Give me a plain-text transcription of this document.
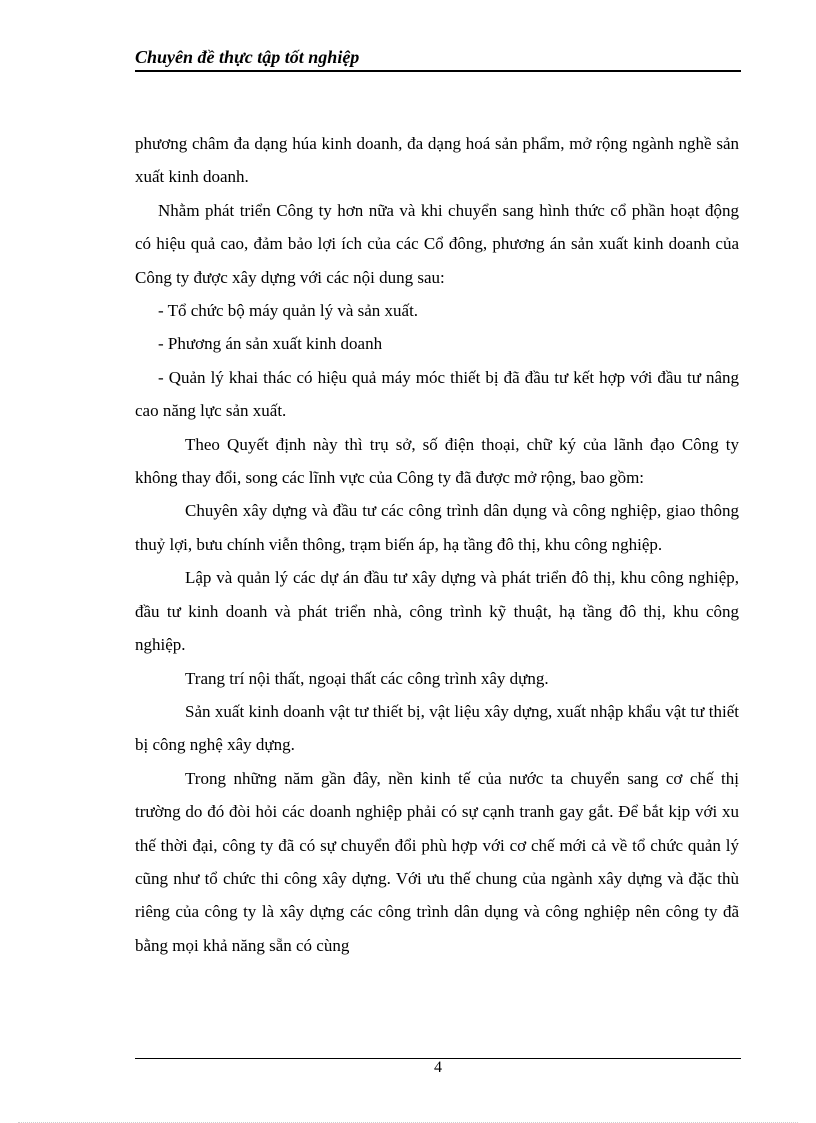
Chuyên đề thực tập tốt nghiệp

phương châm đa dạng húa kinh doanh, đa dạng hoá sản phẩm, mở rộng ngành nghề sản xuất kinh doanh.

Nhằm phát triển Công ty hơn nữa và khi chuyển sang hình thức cổ phần hoạt động có hiệu quả cao, đảm bảo lợi ích của các Cổ đông, phương án sản xuất kinh doanh của Công ty được xây dựng với các nội dung sau:

- Tổ chức bộ máy quản lý và sản xuất.

- Phương án sản xuất kinh doanh

- Quản lý khai thác có hiệu quả máy móc thiết bị đã đầu tư kết hợp với đầu tư nâng cao năng lực sản xuất.

Theo Quyết định này thì trụ sở, số điện thoại, chữ ký của lãnh đạo Công ty không thay đổi, song các lĩnh vực của Công ty đã được mở rộng, bao gồm:

Chuyên xây dựng và đầu tư các công trình dân dụng và công nghiệp, giao thông thuỷ lợi, bưu chính viễn thông, trạm biến áp, hạ tầng đô thị, khu công nghiệp.

Lập và quản lý các dự án đầu tư xây dựng và phát triển đô thị, khu công nghiệp, đầu tư kinh doanh và phát triển nhà, công trình kỹ thuật, hạ tầng đô thị, khu công nghiệp.

Trang trí nội thất, ngoại thất các công trình xây dựng.

Sản xuất kinh doanh vật tư thiết bị, vật liệu xây dựng, xuất nhập khẩu vật tư thiết bị công nghệ xây dựng.

Trong những năm gần đây, nền kinh tế của nước ta chuyển sang cơ chế thị trường do đó đòi hỏi các doanh nghiệp phải có sự cạnh tranh gay gắt. Để bắt kịp với xu thế thời đại, công ty đã có sự chuyển đổi phù hợp với cơ chế mới cả về tổ chức quản lý cũng như tổ chức thi công xây dựng. Với ưu thế chung của ngành xây dựng và đặc thù riêng của công ty là xây dựng các công trình dân dụng và công nghiệp nên công ty đã bằng mọi khả năng sẵn có cùng

4
